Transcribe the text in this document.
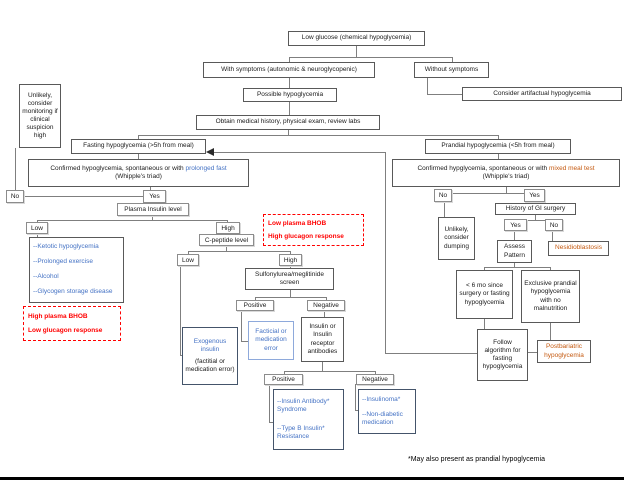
Low glucose (chemical hypoglycemia)
With symptoms (autonomic & neuroglycopenic)	Without symptoms
Possible hypoglycemia	Consider artifactual hypoglycemia
Obtain medical history, physical exam, review labs
Unlikely, consider monitoring if clinical suspicion high
Fasting hypoglycemia (>5h from meal)	Prandial hypoglycemia (<5h from meal)
Confirmed hypoglycemia, spontaneous or with prolonged fast
(Whipple's triad)
Confirmed hypglycemia, spontaneous or with mixed meal test
(Whipple's triad)
No	Yes
Plasma Insulin level
Low	High
--Ketotic hypoglycemia
--Prolonged exercise
--Alcohol
--Glycogen storage disease
High plasma BHOB
Low glucagon response
C-peptide level
Low plasma BHOB
High glucagon response
Low	High
Sulfonylurea/meglitinide screen
Positive	Negative
Exogenous insulin
(factitial or medication error)
Facticial or medication error
Insulin or Insulin receptor antibodies
Positive	Negative
--Insulin Antibody* Syndrome
--Type B Insulin* Resistance
--Insulinoma*
--Non-diabetic medication
No	Yes
Unlikely, consider dumping
History of GI surgery
Yes	No
Assess Pattern
Nesidioblastosis
< 6 mo since surgery or fasting hypoglycemia
Exclusive prandial hypoglycemia with no malnutrition
Follow algorithm for fasting hypoglycemia
Postbariatric hypoglycemia
*May also present as prandial hypoglycemia
